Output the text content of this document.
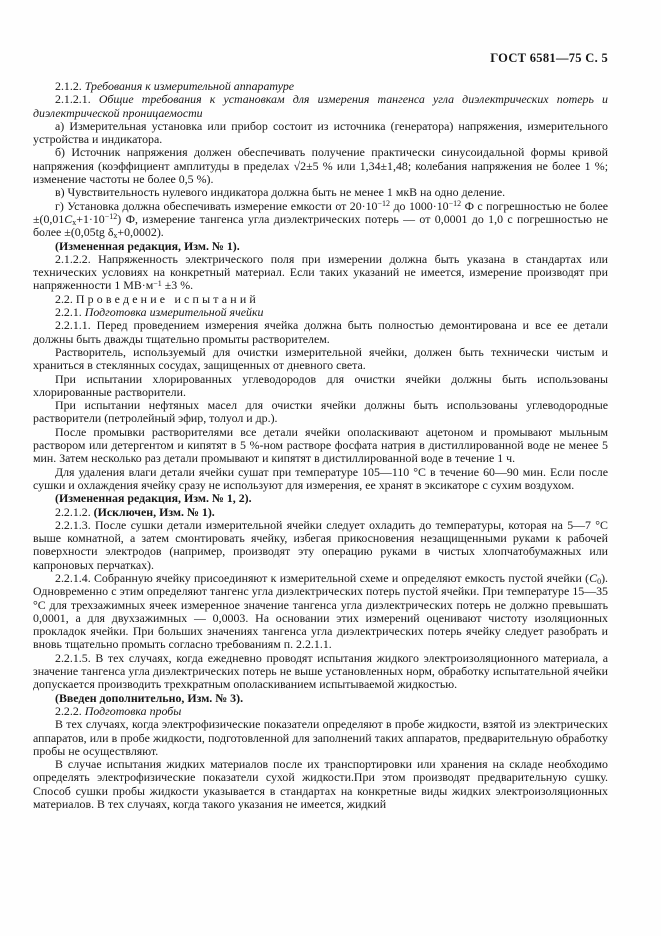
ГОСТ 6581—75 С. 5

2.1.2. Требования к измерительной аппаратуре

2.1.2.1. Общие требования к установкам для измерения тангенса угла диэлектрических потерь и диэлектрической проницаемости

а) Измерительная установка или прибор состоит из источника (генератора) напряжения, измерительного устройства и индикатора.

б) Источник напряжения должен обеспечивать получение практически синусоидальной формы кривой напряжения (коэффициент амплитуды в пределах √2±5 % или 1,34±1,48; колебания напряжения не более 1 %; изменение частоты не более 0,5 %).

в) Чувствительность нулевого индикатора должна быть не менее 1 мкВ на одно деление.

г) Установка должна обеспечивать измерение емкости от $20\cdot 10^{-12}$ до $1000\cdot 10^{-12}$ Ф с погрешностью не более $\pm(0,01Cх+1\cdot 10^{-12})$ Ф, измерение тангенса угла диэлектрических потерь — от 0,0001 до 1,0 с погрешностью не более ±(0,05tg δх+0,0002).

(Измененная редакция, Изм. № 1).

2.1.2.2. Напряженность электрического поля при измерении должна быть указана в стандартах или технических условиях на конкретный материал. Если таких указаний не имеется, измерение производят при напряженности 1 $МВ\cdot м^{-1} \pm 3$ %.

2.2. Проведение испытаний

2.2.1. Подготовка измерительной ячейки

2.2.1.1. Перед проведением измерения ячейка должна быть полностью демонтирована и все ее детали должны быть дважды тщательно промыты растворителем.

Растворитель, используемый для очистки измерительной ячейки, должен быть технически чистым и храниться в стеклянных сосудах, защищенных от дневного света.

При испытании хлорированных углеводородов для очистки ячейки должны быть использованы хлорированные растворители.

При испытании нефтяных масел для очистки ячейки должны быть использованы углеводородные растворители (петролейный эфир, толуол и др.).

После промывки растворителями все детали ячейки ополаскивают ацетоном и промывают мыльным раствором или детергентом и кипятят в 5 %-ном растворе фосфата натрия в дистиллированной воде не менее 5 мин. Затем несколько раз детали промывают и кипятят в дистиллированной воде в течение 1 ч.

Для удаления влаги детали ячейки сушат при температуре 105—110 °С в течение 60—90 мин. Если после сушки и охлаждения ячейку сразу не используют для измерения, ее хранят в эксикаторе с сухим воздухом.

(Измененная редакция, Изм. № 1, 2).

2.2.1.2. (Исключен, Изм. № 1).

2.2.1.3. После сушки детали измерительной ячейки следует охладить до температуры, которая на 5—7 °С выше комнатной, а затем смонтировать ячейку, избегая прикосновения незащищенными руками к рабочей поверхности электродов (например, производят эту операцию руками в чистых хлопчатобумажных или капроновых перчатках).

2.2.1.4. Собранную ячейку присоединяют к измерительной схеме и определяют емкость пустой ячейки (C0). Одновременно с этим определяют тангенс угла диэлектрических потерь пустой ячейки. При температуре 15—35 °С для трехзажимных ячеек измеренное значение тангенса угла диэлектрических потерь не должно превышать 0,0001, а для двухзажимных — 0,0003. На основании этих измерений оценивают чистоту изоляционных прокладок ячейки. При больших значениях тангенса угла диэлектрических потерь ячейку следует разобрать и вновь тщательно промыть согласно требованиям п. 2.2.1.1.

2.2.1.5. В тех случаях, когда ежедневно проводят испытания жидкого электроизоляционного материала, а значение тангенса угла диэлектрических потерь не выше установленных норм, обработку испытательной ячейки допускается производить трехкратным ополаскиванием испытываемой жидкостью.

(Введен дополнительно, Изм. № 3).

2.2.2. Подготовка пробы

В тех случаях, когда электрофизические показатели определяют в пробе жидкости, взятой из электрических аппаратов, или в пробе жидкости, подготовленной для заполнений таких аппаратов, предварительную обработку пробы не осуществляют.

В случае испытания жидких материалов после их транспортировки или хранения на складе необходимо определять электрофизические показатели сухой жидкости.При этом производят предварительную сушку. Способ сушки пробы жидкости указывается в стандартах на конкретные виды жидких электроизоляционных материалов. В тех случаях, когда такого указания не имеется, жидкий
